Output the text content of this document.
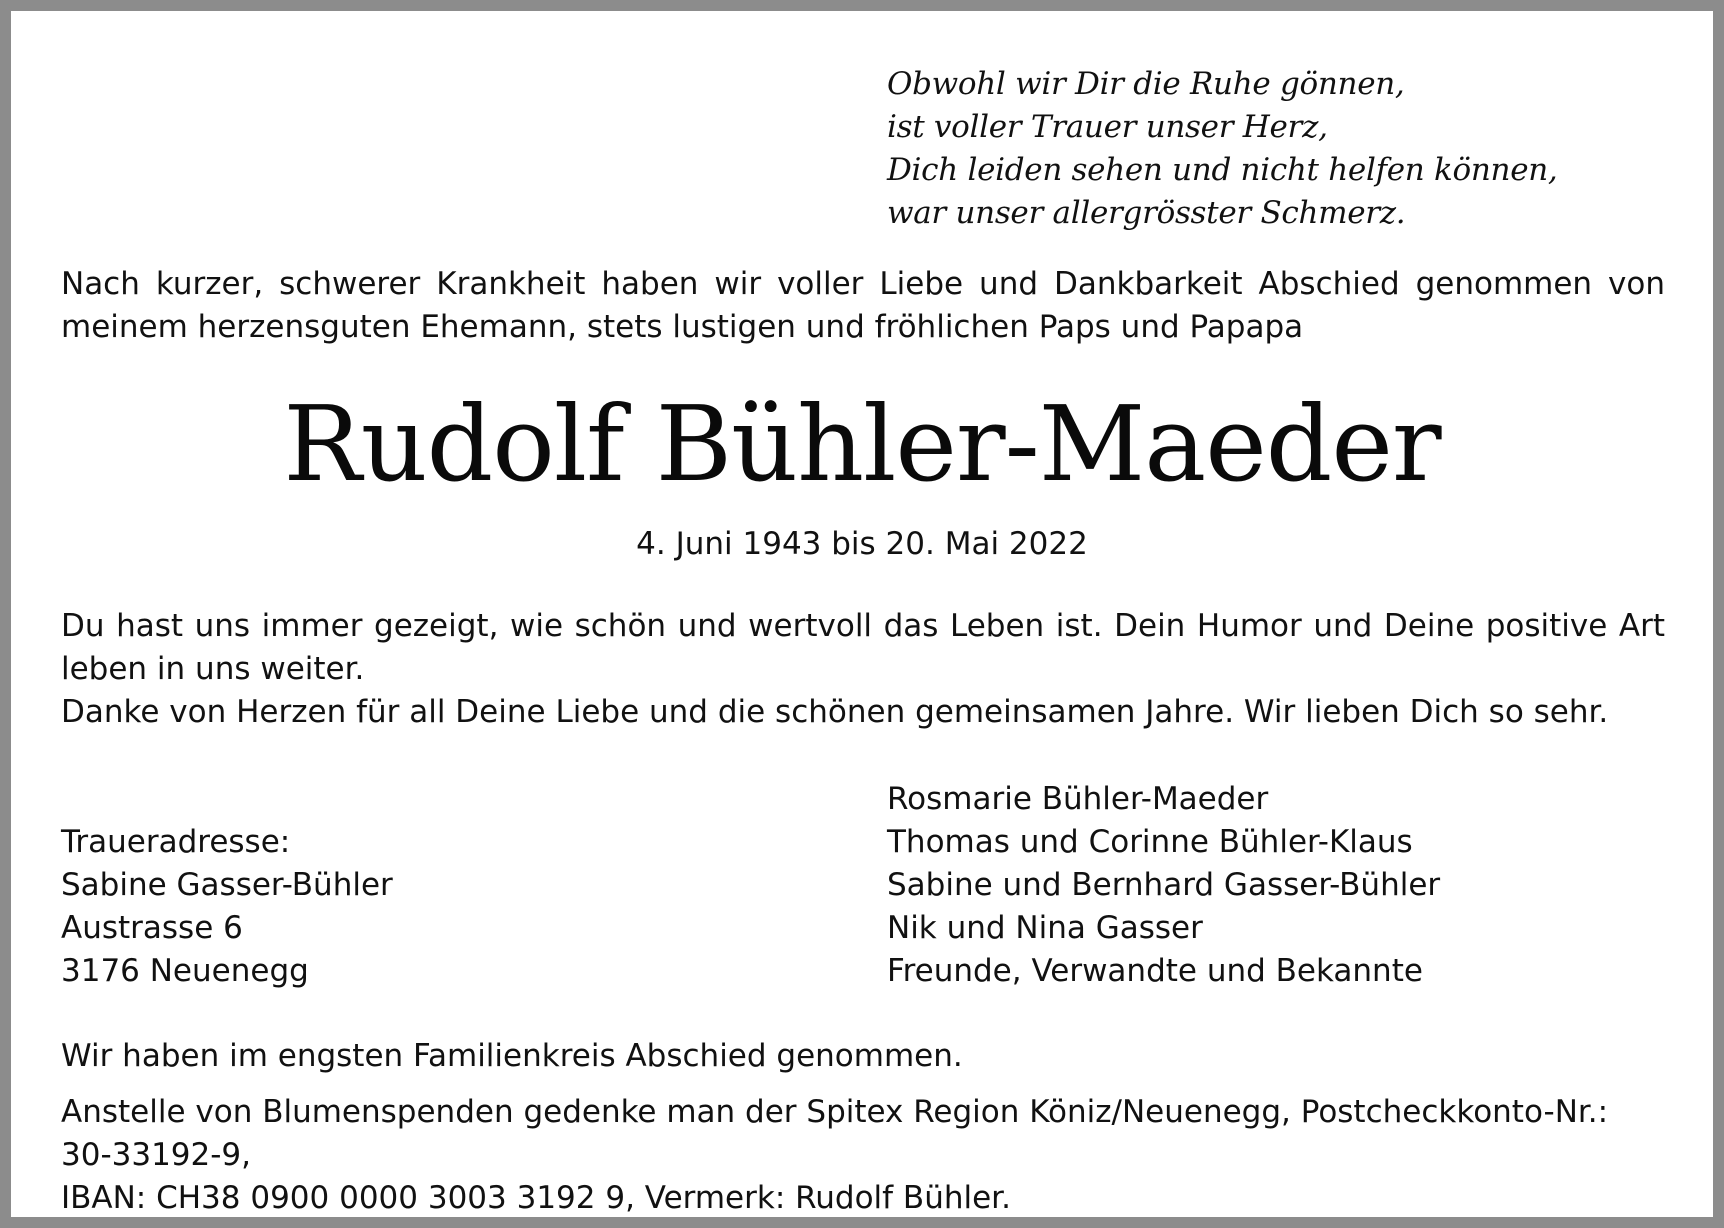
Obwohl wir Dir die Ruhe gönnen,
ist voller Trauer unser Herz,
Dich leiden sehen und nicht helfen können,
war unser allergrösster Schmerz.
Nach kurzer, schwerer Krankheit haben wir voller Liebe und Dankbarkeit Abschied genommen von meinem herzensguten Ehemann, stets lustigen und fröhlichen Paps und Papapa
Rudolf Bühler-Maeder
4. Juni 1943 bis 20. Mai 2022
Du hast uns immer gezeigt, wie schön und wertvoll das Leben ist. Dein Humor und Deine positive Art leben in uns weiter.
Danke von Herzen für all Deine Liebe und die schönen gemeinsamen Jahre. Wir lieben Dich so sehr.
Traueradresse:
Sabine Gasser-Bühler
Austrasse 6
3176 Neuenegg
Rosmarie Bühler-Maeder
Thomas und Corinne Bühler-Klaus
Sabine und Bernhard Gasser-Bühler
Nik und Nina Gasser
Freunde, Verwandte und Bekannte
Wir haben im engsten Familienkreis Abschied genommen.
Anstelle von Blumenspenden gedenke man der Spitex Region Köniz/Neuenegg, Postcheckkonto-Nr.: 30-33192-9,
IBAN: CH38 0900 0000 3003 3192 9, Vermerk: Rudolf Bühler.
